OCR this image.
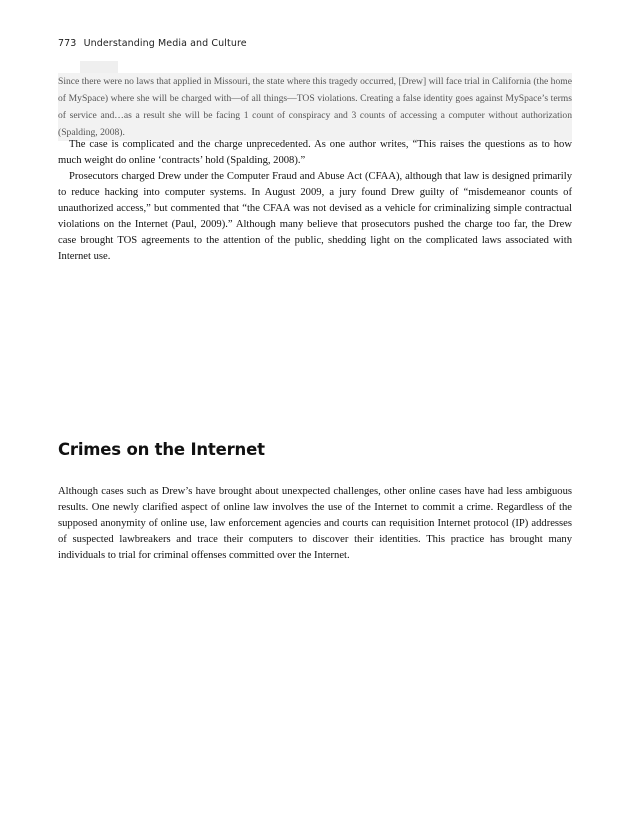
773 Understanding Media and Culture
Since there were no laws that applied in Missouri, the state where this tragedy occurred, [Drew] will face trial in California (the home of MySpace) where she will be charged with—of all things—TOS violations. Creating a false identity goes against MySpace’s terms of service and…as a result she will be facing 1 count of conspiracy and 3 counts of accessing a computer without authorization (Spalding, 2008).

The case is complicated and the charge unprecedented. As one author writes, “This raises the questions as to how much weight do online ‘contracts’ hold (Spalding, 2008).”

Prosecutors charged Drew under the Computer Fraud and Abuse Act (CFAA), although that law is designed primarily to reduce hacking into computer systems. In August 2009, a jury found Drew guilty of “misdemeanor counts of unauthorized access,” but commented that “the CFAA was not devised as a vehicle for criminalizing simple contractual violations on the Internet (Paul, 2009).” Although many believe that prosecutors pushed the charge too far, the Drew case brought TOS agreements to the attention of the public, shedding light on the complicated laws associated with Internet use.

Crimes on the Internet

Although cases such as Drew’s have brought about unexpected challenges, other online cases have had less ambiguous results. One newly clarified aspect of online law involves the use of the Internet to commit a crime. Regardless of the supposed anonymity of online use, law enforcement agencies and courts can requisition Internet protocol (IP) addresses of suspected lawbreakers and trace their computers to discover their identities. This practice has brought many individuals to trial for criminal offenses committed over the Internet.
